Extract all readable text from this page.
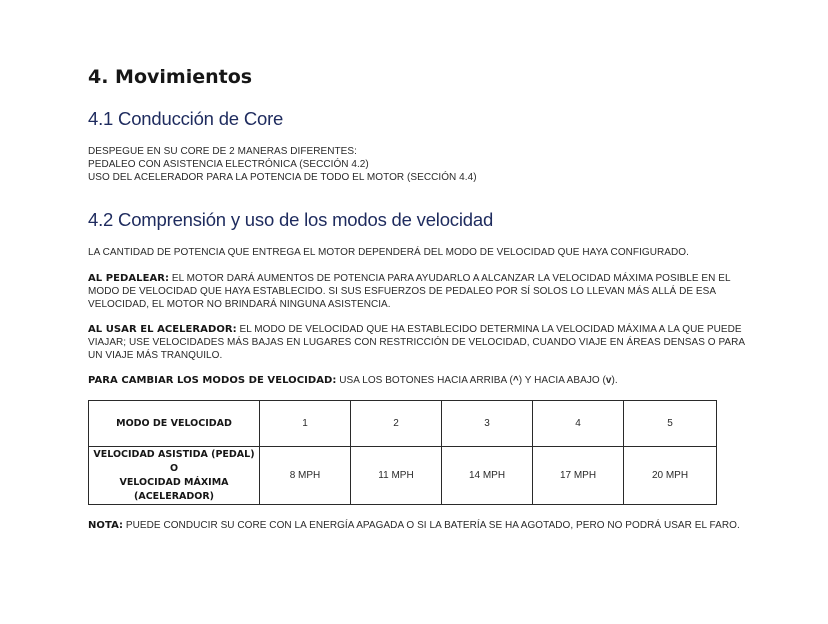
4. Movimientos
4.1 Conducción de Core

DESPEGUE EN SU CORE DE 2 MANERAS DIFERENTES:
PEDALEO CON ASISTENCIA ELECTRÓNICA (SECCIÓN 4.2)
USO DEL ACELERADOR PARA LA POTENCIA DE TODO EL MOTOR (SECCIÓN 4.4)

4.2 Comprensión y uso de los modos de velocidad

LA CANTIDAD DE POTENCIA QUE ENTREGA EL MOTOR DEPENDERÁ DEL MODO DE VELOCIDAD QUE HAYA CONFIGURADO.

AL PEDALEAR: EL MOTOR DARÁ AUMENTOS DE POTENCIA PARA AYUDARLO A ALCANZAR LA VELOCIDAD MÁXIMA POSIBLE EN EL
MODO DE VELOCIDAD QUE HAYA ESTABLECIDO. SI SUS ESFUERZOS DE PEDALEO POR SÍ SOLOS LO LLEVAN MÁS ALLÁ DE ESA
VELOCIDAD, EL MOTOR NO BRINDARÁ NINGUNA ASISTENCIA.

AL USAR EL ACELERADOR: EL MODO DE VELOCIDAD QUE HA ESTABLECIDO DETERMINA LA VELOCIDAD MÁXIMA A LA QUE PUEDE
VIAJAR; USE VELOCIDADES MÁS BAJAS EN LUGARES CON RESTRICCIÓN DE VELOCIDAD, CUANDO VIAJE EN ÁREAS DENSAS O PARA
UN VIAJE MÁS TRANQUILO.

PARA CAMBIAR LOS MODOS DE VELOCIDAD: USA LOS BOTONES HACIA ARRIBA (^) Y HACIA ABAJO (v).

MODO DE VELOCIDAD	1	2	3	4	5
VELOCIDAD ASISTIDA (PEDAL)
O
VELOCIDAD MÁXIMA
(ACELERADOR)	8 MPH	11 MPH	14 MPH	17 MPH	20 MPH

NOTA: PUEDE CONDUCIR SU CORE CON LA ENERGÍA APAGADA O SI LA BATERÍA SE HA AGOTADO, PERO NO PODRÁ USAR EL FARO.
